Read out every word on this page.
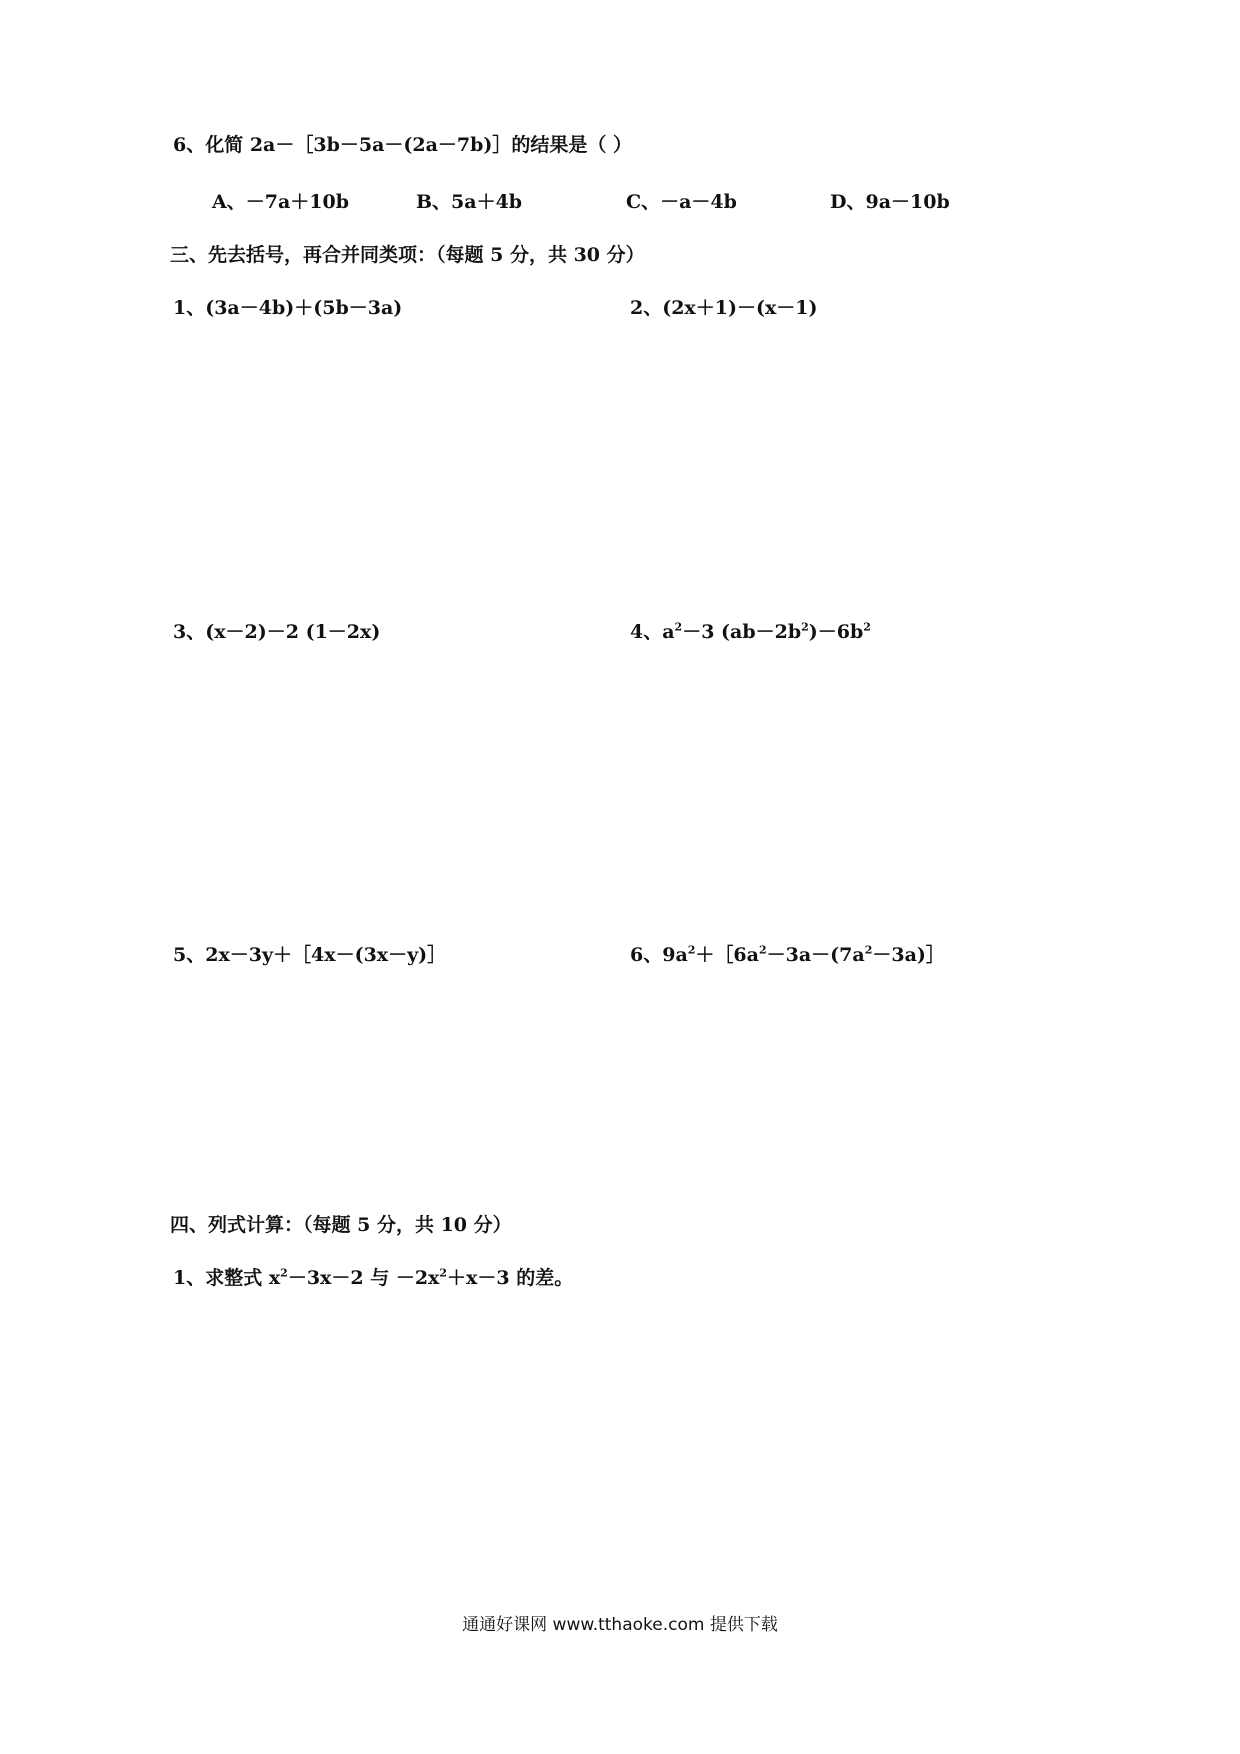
6、化简 2a－［3b－5a－(2a－7b)］的结果是（ ）
A、－7a＋10b	B、5a＋4b	C、－a－4b	D、9a－10b
三、先去括号，再合并同类项：（每题 5 分，共 30 分）
1、(3a－4b)＋(5b－3a)	2、(2x＋1)－(x－1)
3、(x－2)－2 (1－2x)	4、$a^2-3$ $(ab-2b^2)-6b^2$
5、2x－3y＋［4x－(3x－y)］	6、$9a^2+[6a^2-3a-(7a^2-3a)]$
四、列式计算：（每题 5 分，共 10 分）
1、求整式 $x^2-3x-2$ 与 $-2x^2+x-3$ 的差。
通通好课网 www.tthaoke.com 提供下载
